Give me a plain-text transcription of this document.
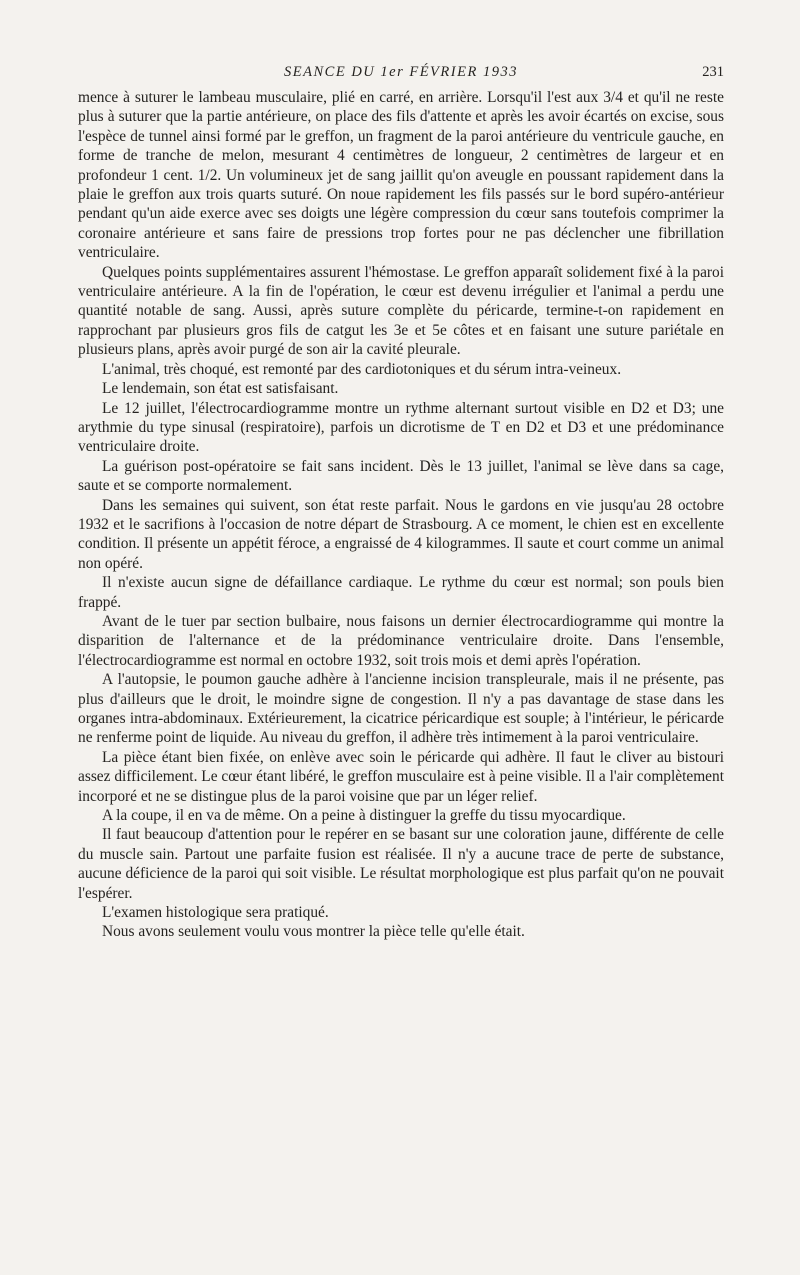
SEANCE DU 1er FÉVRIER 1933	231

mence à suturer le lambeau musculaire, plié en carré, en arrière. Lorsqu'il l'est aux 3/4 et qu'il ne reste plus à suturer que la partie antérieure, on place des fils d'attente et après les avoir écartés on excise, sous l'espèce de tunnel ainsi formé par le greffon, un fragment de la paroi antérieure du ventricule gauche, en forme de tranche de melon, mesurant 4 centimètres de longueur, 2 centimètres de largeur et en profondeur 1 cent. 1/2. Un volumineux jet de sang jaillit qu'on aveugle en poussant rapidement dans la plaie le greffon aux trois quarts suturé. On noue rapidement les fils passés sur le bord supéro-antérieur pendant qu'un aide exerce avec ses doigts une légère compression du cœur sans toutefois comprimer la coronaire antérieure et sans faire de pressions trop fortes pour ne pas déclencher une fibrillation ventriculaire.

Quelques points supplémentaires assurent l'hémostase. Le greffon apparaît solidement fixé à la paroi ventriculaire antérieure. A la fin de l'opération, le cœur est devenu irrégulier et l'animal a perdu une quantité notable de sang. Aussi, après suture complète du péricarde, termine-t-on rapidement en rapprochant par plusieurs gros fils de catgut les 3e et 5e côtes et en faisant une suture pariétale en plusieurs plans, après avoir purgé de son air la cavité pleurale.

L'animal, très choqué, est remonté par des cardiotoniques et du sérum intra-veineux.

Le lendemain, son état est satisfaisant.

Le 12 juillet, l'électrocardiogramme montre un rythme alternant surtout visible en D2 et D3; une arythmie du type sinusal (respiratoire), parfois un dicrotisme de T en D2 et D3 et une prédominance ventriculaire droite.

La guérison post-opératoire se fait sans incident. Dès le 13 juillet, l'animal se lève dans sa cage, saute et se comporte normalement.

Dans les semaines qui suivent, son état reste parfait. Nous le gardons en vie jusqu'au 28 octobre 1932 et le sacrifions à l'occasion de notre départ de Strasbourg. A ce moment, le chien est en excellente condition. Il présente un appétit féroce, a engraissé de 4 kilogrammes. Il saute et court comme un animal non opéré.

Il n'existe aucun signe de défaillance cardiaque. Le rythme du cœur est normal; son pouls bien frappé.

Avant de le tuer par section bulbaire, nous faisons un dernier électrocardiogramme qui montre la disparition de l'alternance et de la prédominance ventriculaire droite. Dans l'ensemble, l'électrocardiogramme est normal en octobre 1932, soit trois mois et demi après l'opération.

A l'autopsie, le poumon gauche adhère à l'ancienne incision transpleurale, mais il ne présente, pas plus d'ailleurs que le droit, le moindre signe de congestion. Il n'y a pas davantage de stase dans les organes intra-abdominaux. Extérieurement, la cicatrice péricardique est souple; à l'intérieur, le péricarde ne renferme point de liquide. Au niveau du greffon, il adhère très intimement à la paroi ventriculaire.

La pièce étant bien fixée, on enlève avec soin le péricarde qui adhère. Il faut le cliver au bistouri assez difficilement. Le cœur étant libéré, le greffon musculaire est à peine visible. Il a l'air complètement incorporé et ne se distingue plus de la paroi voisine que par un léger relief.

A la coupe, il en va de même. On a peine à distinguer la greffe du tissu myocardique.

Il faut beaucoup d'attention pour le repérer en se basant sur une coloration jaune, différente de celle du muscle sain. Partout une parfaite fusion est réalisée. Il n'y a aucune trace de perte de substance, aucune déficience de la paroi qui soit visible. Le résultat morphologique est plus parfait qu'on ne pouvait l'espérer.

L'examen histologique sera pratiqué.

Nous avons seulement voulu vous montrer la pièce telle qu'elle était.
